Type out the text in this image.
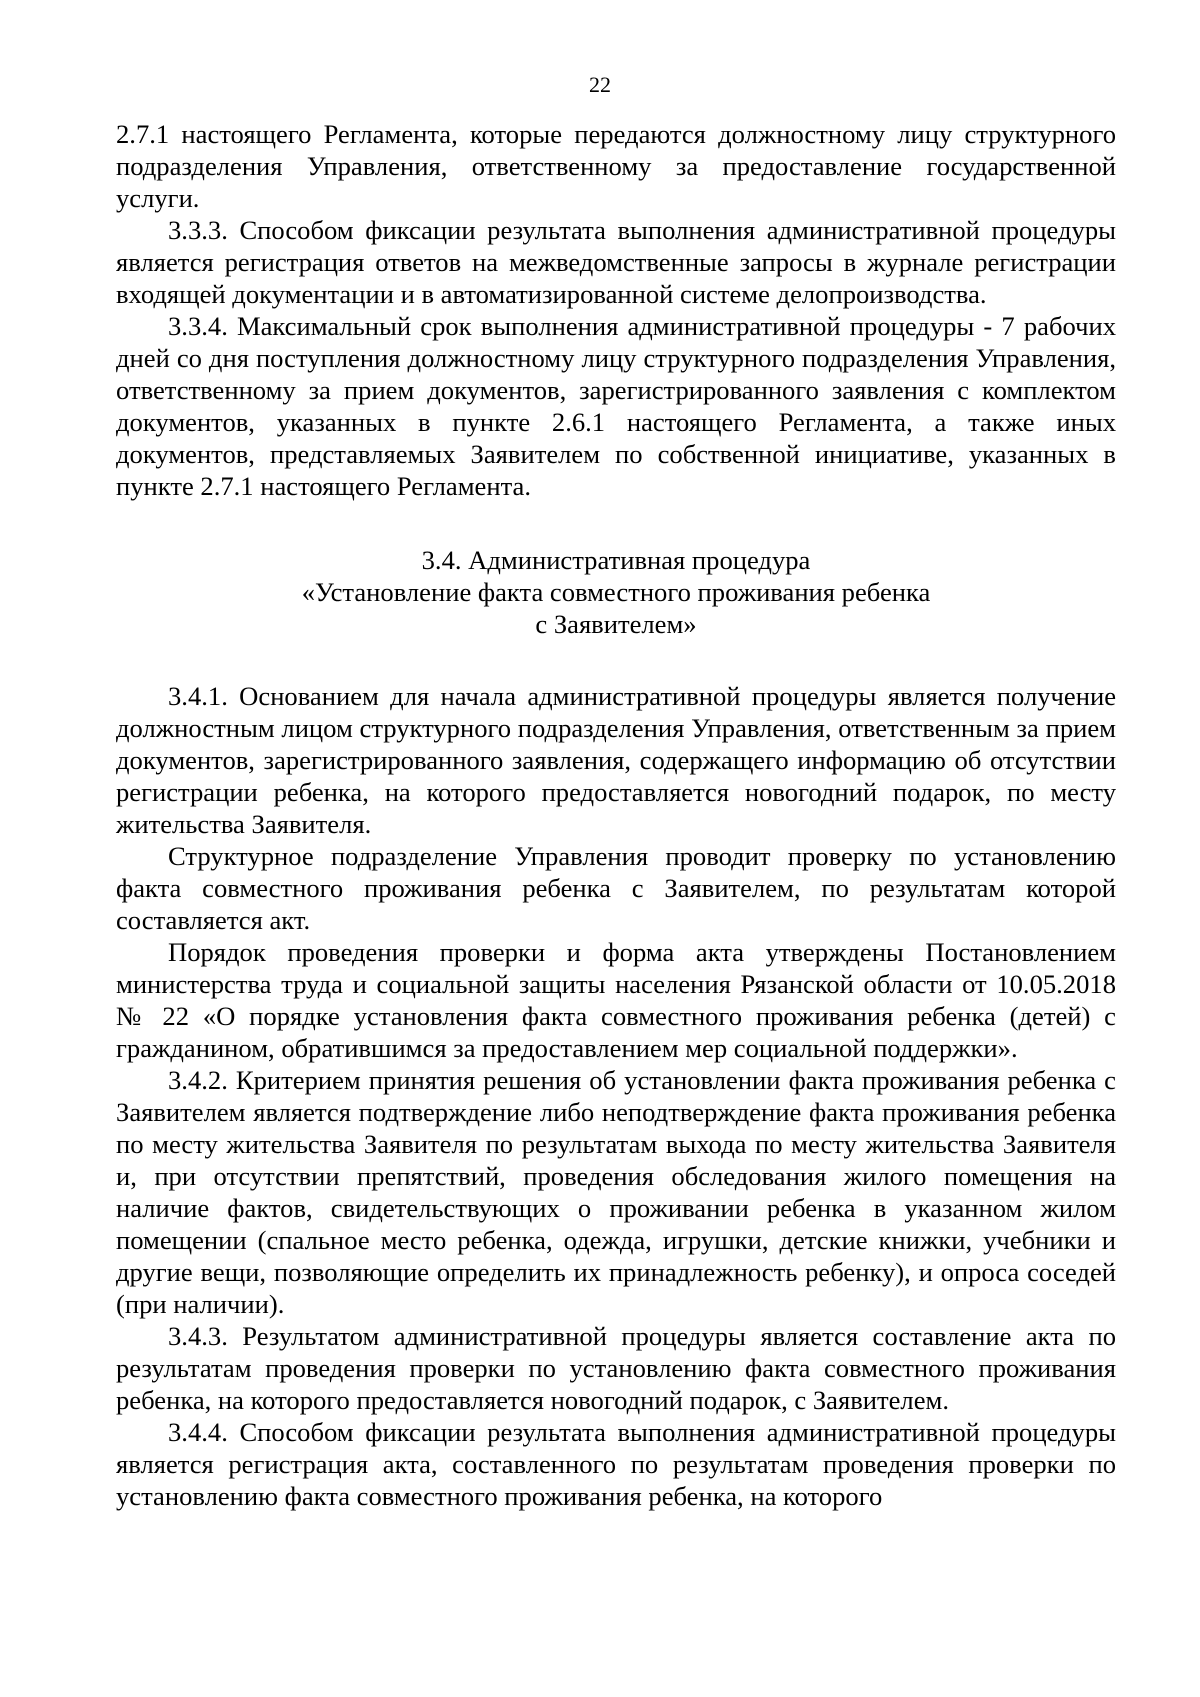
22

2.7.1 настоящего Регламента, которые передаются должностному лицу структурного подразделения Управления, ответственному за предоставление государственной услуги.

3.3.3. Способом фиксации результата выполнения административной процедуры является регистрация ответов на межведомственные запросы в журнале регистрации входящей документации и в автоматизированной системе делопроизводства.

3.3.4. Максимальный срок выполнения административной процедуры - 7 рабочих дней со дня поступления должностному лицу структурного подразделения Управления, ответственному за прием документов, зарегистрированного заявления с комплектом документов, указанных в пункте 2.6.1 настоящего Регламента, а также иных документов, представляемых Заявителем по собственной инициативе, указанных в пункте 2.7.1 настоящего Регламента.

3.4. Административная процедура
«Установление факта совместного проживания ребенка
с Заявителем»

3.4.1. Основанием для начала административной процедуры является получение должностным лицом структурного подразделения Управления, ответственным за прием документов, зарегистрированного заявления, содержащего информацию об отсутствии регистрации ребенка, на которого предоставляется новогодний подарок, по месту жительства Заявителя.

Структурное подразделение Управления проводит проверку по установлению факта совместного проживания ребенка с Заявителем, по результатам которой составляется акт.

Порядок проведения проверки и форма акта утверждены Постановлением министерства труда и социальной защиты населения Рязанской области от 10.05.2018 № 22 «О порядке установления факта совместного проживания ребенка (детей) с гражданином, обратившимся за предоставлением мер социальной поддержки».

3.4.2. Критерием принятия решения об установлении факта проживания ребенка с Заявителем является подтверждение либо неподтверждение факта проживания ребенка по месту жительства Заявителя по результатам выхода по месту жительства Заявителя и, при отсутствии препятствий, проведения обследования жилого помещения на наличие фактов, свидетельствующих о проживании ребенка в указанном жилом помещении (спальное место ребенка, одежда, игрушки, детские книжки, учебники и другие вещи, позволяющие определить их принадлежность ребенку), и опроса соседей (при наличии).

3.4.3. Результатом административной процедуры является составление акта по результатам проведения проверки по установлению факта совместного проживания ребенка, на которого предоставляется новогодний подарок, с Заявителем.

3.4.4. Способом фиксации результата выполнения административной процедуры является регистрация акта, составленного по результатам проведения проверки по установлению факта совместного проживания ребенка, на которого
